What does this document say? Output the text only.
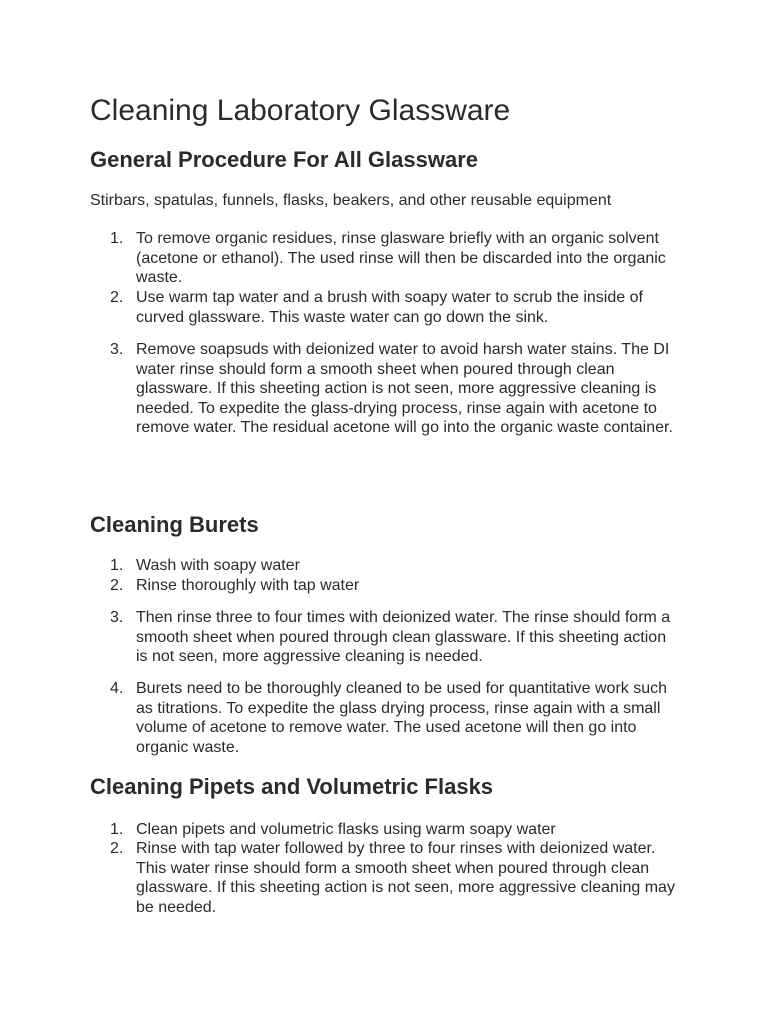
Cleaning Laboratory Glassware
General Procedure For All Glassware

Stirbars, spatulas, funnels, flasks, beakers, and other reusable equipment

1. To remove organic residues, rinse glasware briefly with an organic solvent (acetone or ethanol). The used rinse will then be discarded into the organic waste.
2. Use warm tap water and a brush with soapy water to scrub the inside of curved glassware. This waste water can go down the sink.
3. Remove soapsuds with deionized water to avoid harsh water stains. The DI water rinse should form a smooth sheet when poured through clean glassware. If this sheeting action is not seen, more aggressive cleaning is needed. To expedite the glass-drying process, rinse again with acetone to remove water. The residual acetone will go into the organic waste container.
Cleaning Burets
1. Wash with soapy water
2. Rinse thoroughly with tap water
3. Then rinse three to four times with deionized water. The rinse should form a smooth sheet when poured through clean glassware. If this sheeting action is not seen, more aggressive cleaning is needed.
4. Burets need to be thoroughly cleaned to be used for quantitative work such as titrations. To expedite the glass drying process, rinse again with a small volume of acetone to remove water. The used acetone will then go into organic waste.
Cleaning Pipets and Volumetric Flasks
1. Clean pipets and volumetric flasks using warm soapy water
2. Rinse with tap water followed by three to four rinses with deionized water. This water rinse should form a smooth sheet when poured through clean glassware. If this sheeting action is not seen, more aggressive cleaning may be needed.
